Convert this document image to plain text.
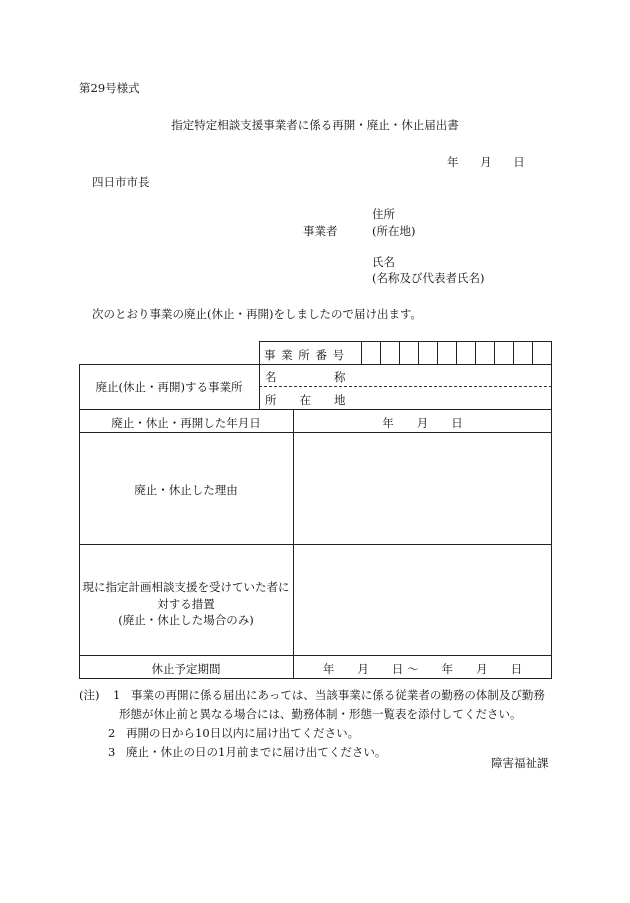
第29号様式
指定特定相談支援事業者に係る再開・廃止・休止届出書
年 月 日
四日市市長
事業者
住所
(所在地)
氏名
(名称及び代表者氏名)
次のとおり事業の廃止(休止・再開)をしましたので届け出ます。
事 業 所 番 号
廃止(休止・再開)する事業所
名　　　　　称
所　　在　　地
廃止・休止・再開した年月日	年　　月　　日
廃止・休止した理由
現に指定計画相談支援を受けていた者に
対する措置
(廃止・休止した場合のみ)
休止予定期間	年　　月　　日 〜　　年　　月　　日
(注) 1 事業の再開に係る届出にあっては、当該事業に係る従業者の勤務の体制及び勤務
形態が休止前と異なる場合には、勤務体制・形態一覧表を添付してください。
2 再開の日から10日以内に届け出てください。
3 廃止・休止の日の1月前までに届け出てください。
障害福祉課
